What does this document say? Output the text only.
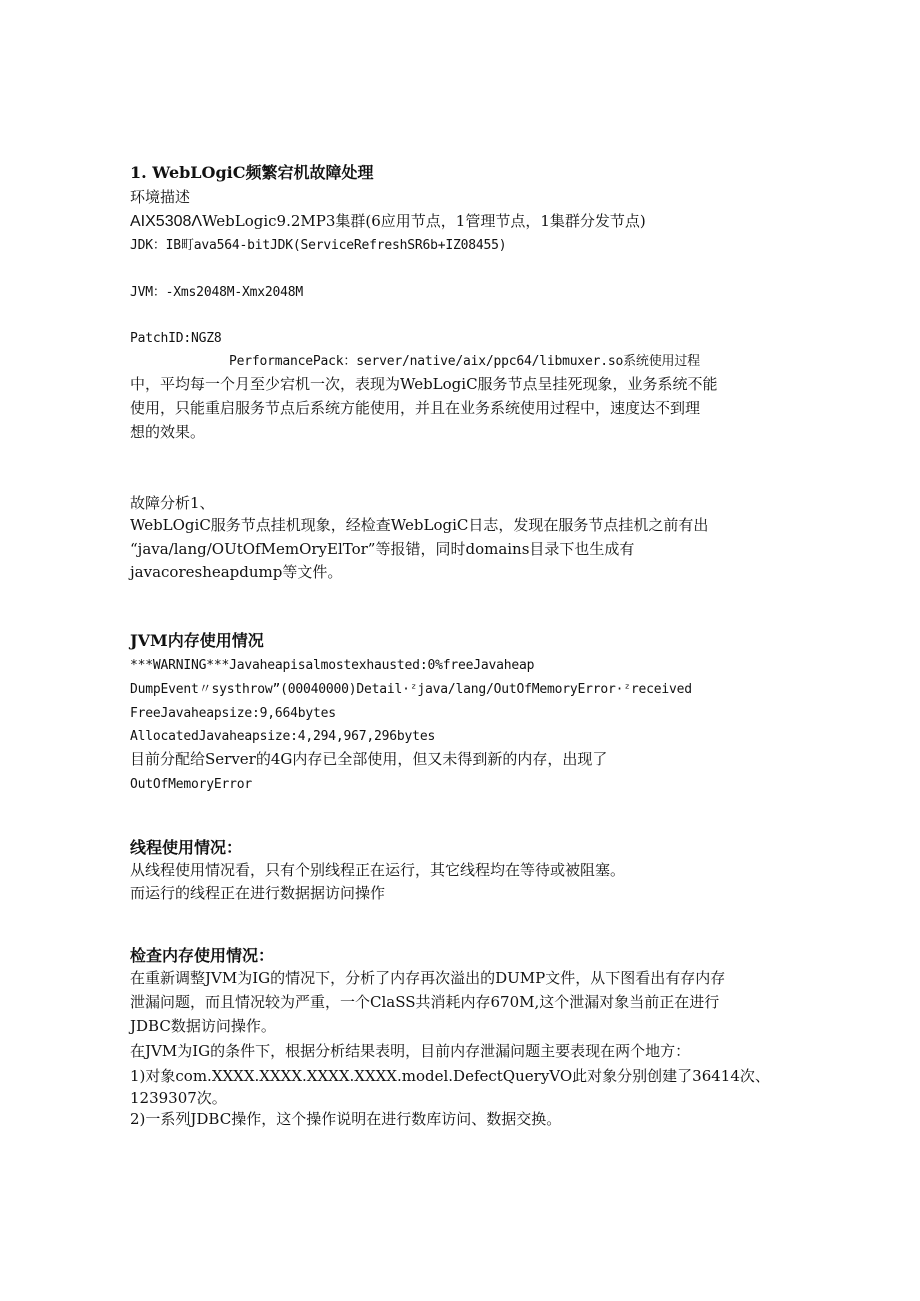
1. WebLOgiC频繁宕机故障处理
环境描述
AIX5308ΛWebLogic9.2MP3集群(6应用节点，1管理节点，1集群分发节点)
JDK：IB町ava564-bitJDK(ServiceRefreshSR6b+IZ08455)
JVM：-Xms2048M-Xmx2048M
PatchID:NGZ8
PerformancePack：server/native/aix/ppc64/libmuxer.so系统使用过程
中，平均每一个月至少宕机一次，表现为WebLogiC服务节点呈挂死现象，业务系统不能
使用，只能重启服务节点后系统方能使用，并且在业务系统使用过程中，速度达不到理
想的效果。
故障分析1、
WebLOgiC服务节点挂机现象，经检查WebLogiC日志，发现在服务节点挂机之前有出
“java/lang/OUtOfMemOryElTor”等报错，同时domains目录下也生成有
javacoresheapdump等文件。
JVM内存使用情况
***WARNING***Javaheapisalmostexhausted:0%freeJavaheap
DumpEvent〃systhrow”(00040000)Detail·ᶻjava/lang/OutOfMemoryError·ᶻreceived
FreeJavaheapsize:9,664bytes
AllocatedJavaheapsize:4,294,967,296bytes
目前分配给Server的4G内存已全部使用，但又未得到新的内存，出现了
OutOfMemoryError
线程使用情况：
从线程使用情况看，只有个别线程正在运行，其它线程均在等待或被阻塞。
而运行的线程正在进行数据据访问操作
检查内存使用情况：
在重新调整JVM为IG的情况下，分析了内存再次溢出的DUMP文件，从下图看出有存内存
泄漏问题，而且情况较为严重，一个ClaSS共消耗内存670M,这个泄漏对象当前正在进行
JDBC数据访问操作。
在JVM为IG的条件下，根据分析结果表明，目前内存泄漏问题主要表现在两个地方：
1)对象com.XXXX.XXXX.XXXX.XXXX.model.DefectQueryVO此对象分别创建了36414次、
1239307次。
2)一系列JDBC操作，这个操作说明在进行数库访问、数据交换。
